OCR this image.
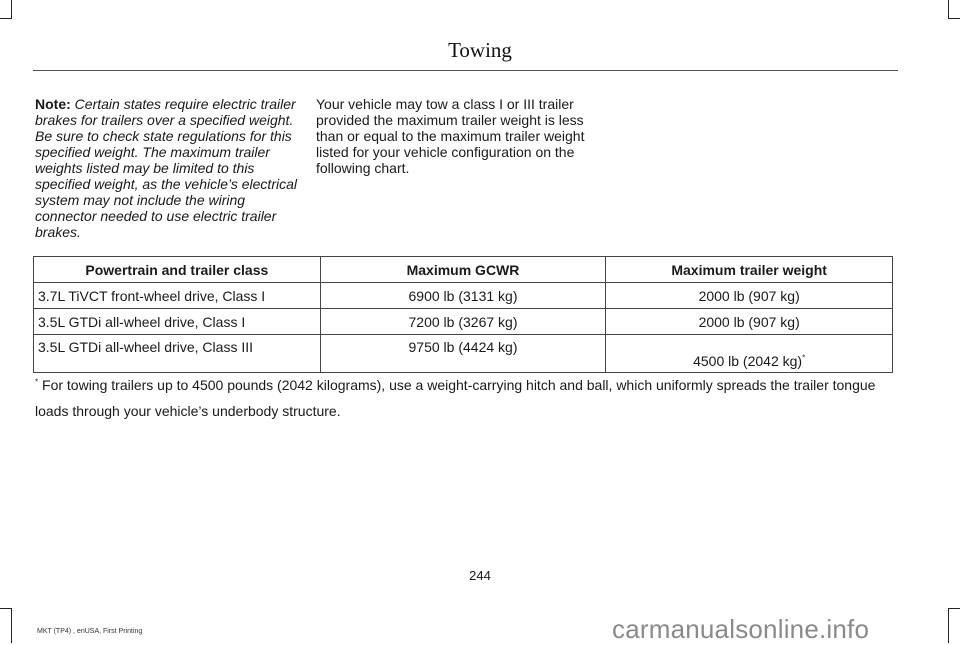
Towing
Note: Certain states require electric trailer brakes for trailers over a specified weight. Be sure to check state regulations for this specified weight. The maximum trailer weights listed may be limited to this specified weight, as the vehicle’s electrical system may not include the wiring connector needed to use electric trailer brakes.
Your vehicle may tow a class I or III trailer provided the maximum trailer weight is less than or equal to the maximum trailer weight listed for your vehicle configuration on the following chart.
Powertrain and trailer class	Maximum GCWR	Maximum trailer weight
3.7L TiVCT front-wheel drive, Class I	6900 lb (3131 kg)	2000 lb (907 kg)
3.5L GTDi all-wheel drive, Class I	7200 lb (3267 kg)	2000 lb (907 kg)
3.5L GTDi all-wheel drive, Class III	9750 lb (4424 kg)	4500 lb (2042 kg)*
* For towing trailers up to 4500 pounds (2042 kilograms), use a weight-carrying hitch and ball, which uniformly spreads the trailer tongue loads through your vehicle’s underbody structure.
244
MKT (TP4) , enUSA, First Printing	carmanualsonline.info
